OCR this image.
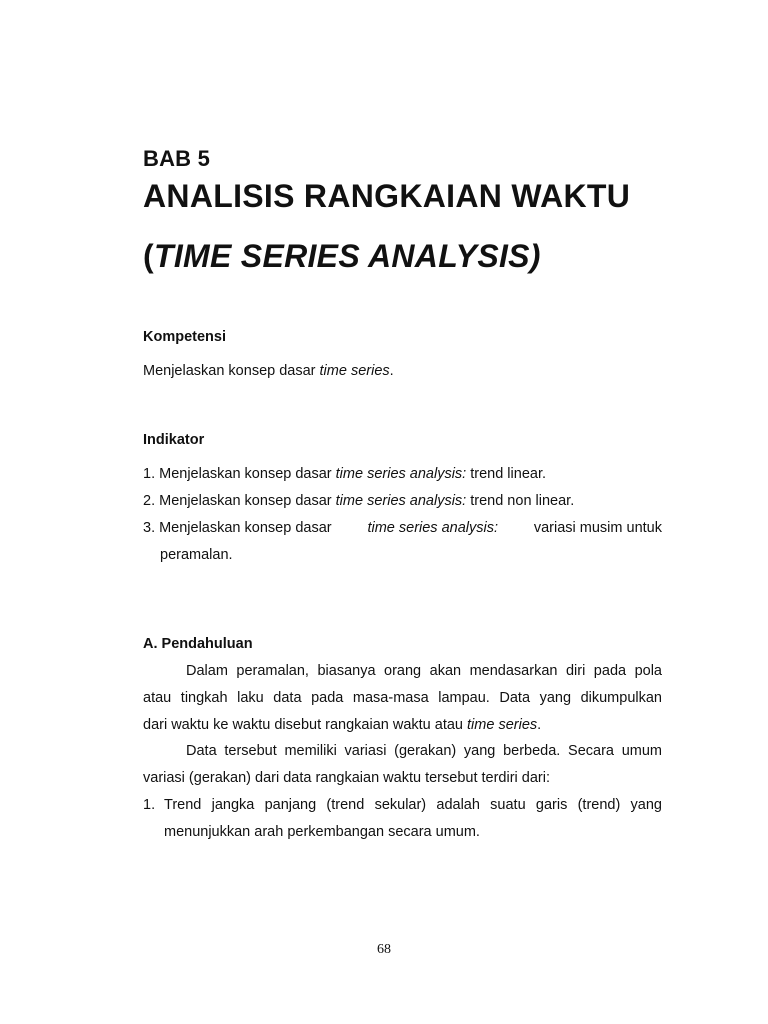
BAB 5
ANALISIS RANGKAIAN WAKTU
(TIME SERIES ANALYSIS)
Kompetensi
Menjelaskan konsep dasar time series.
Indikator
1. Menjelaskan konsep dasar time series analysis: trend linear.
2. Menjelaskan konsep dasar time series analysis: trend non linear.
3. Menjelaskan konsep dasar time series analysis: variasi musim untuk
peramalan.
A. Pendahuluan
Dalam peramalan, biasanya orang akan mendasarkan diri pada pola
atau tingkah laku data pada masa-masa lampau. Data yang dikumpulkan
dari waktu ke waktu disebut rangkaian waktu atau time series.
Data tersebut memiliki variasi (gerakan) yang berbeda. Secara umum
variasi (gerakan) dari data rangkaian waktu tersebut terdiri dari:
1. Trend jangka panjang (trend sekular) adalah suatu garis (trend) yang
menunjukkan arah perkembangan secara umum.
68
